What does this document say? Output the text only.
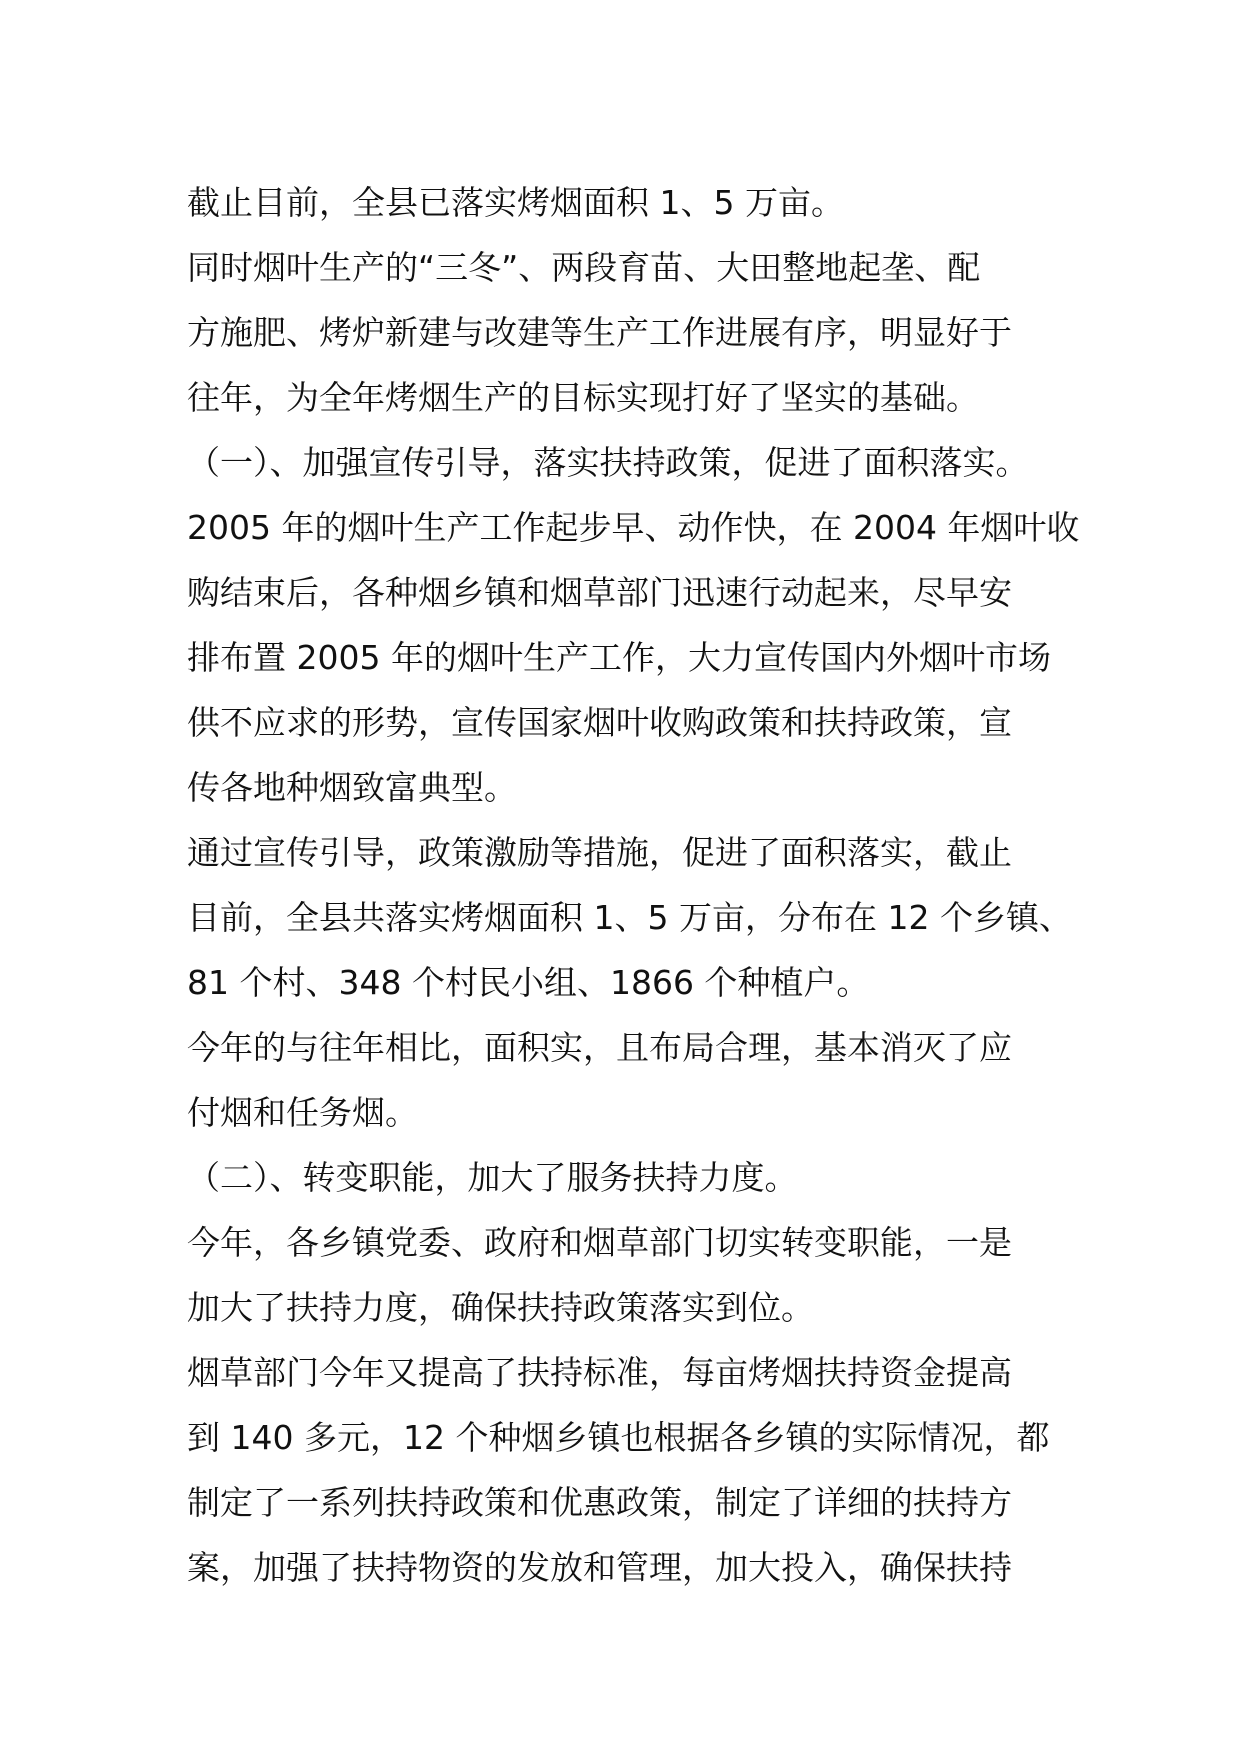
截止目前，全县已落实烤烟面积 1、5 万亩。
同时烟叶生产的“三冬”、两段育苗、大田整地起垄、配
方施肥、烤炉新建与改建等生产工作进展有序，明显好于
往年，为全年烤烟生产的目标实现打好了坚实的基础。
（一）、加强宣传引导，落实扶持政策，促进了面积落实。
2005 年的烟叶生产工作起步早、动作快，在 2004 年烟叶收
购结束后，各种烟乡镇和烟草部门迅速行动起来，尽早安
排布置 2005 年的烟叶生产工作，大力宣传国内外烟叶市场
供不应求的形势，宣传国家烟叶收购政策和扶持政策，宣
传各地种烟致富典型。
通过宣传引导，政策激励等措施，促进了面积落实，截止
目前，全县共落实烤烟面积 1、5 万亩，分布在 12 个乡镇、
81 个村、348 个村民小组、1866 个种植户。
今年的与往年相比，面积实，且布局合理，基本消灭了应
付烟和任务烟。
（二）、转变职能，加大了服务扶持力度。
今年，各乡镇党委、政府和烟草部门切实转变职能，一是
加大了扶持力度，确保扶持政策落实到位。
烟草部门今年又提高了扶持标准，每亩烤烟扶持资金提高
到 140 多元，12 个种烟乡镇也根据各乡镇的实际情况，都
制定了一系列扶持政策和优惠政策，制定了详细的扶持方
案，加强了扶持物资的发放和管理，加大投入，确保扶持
